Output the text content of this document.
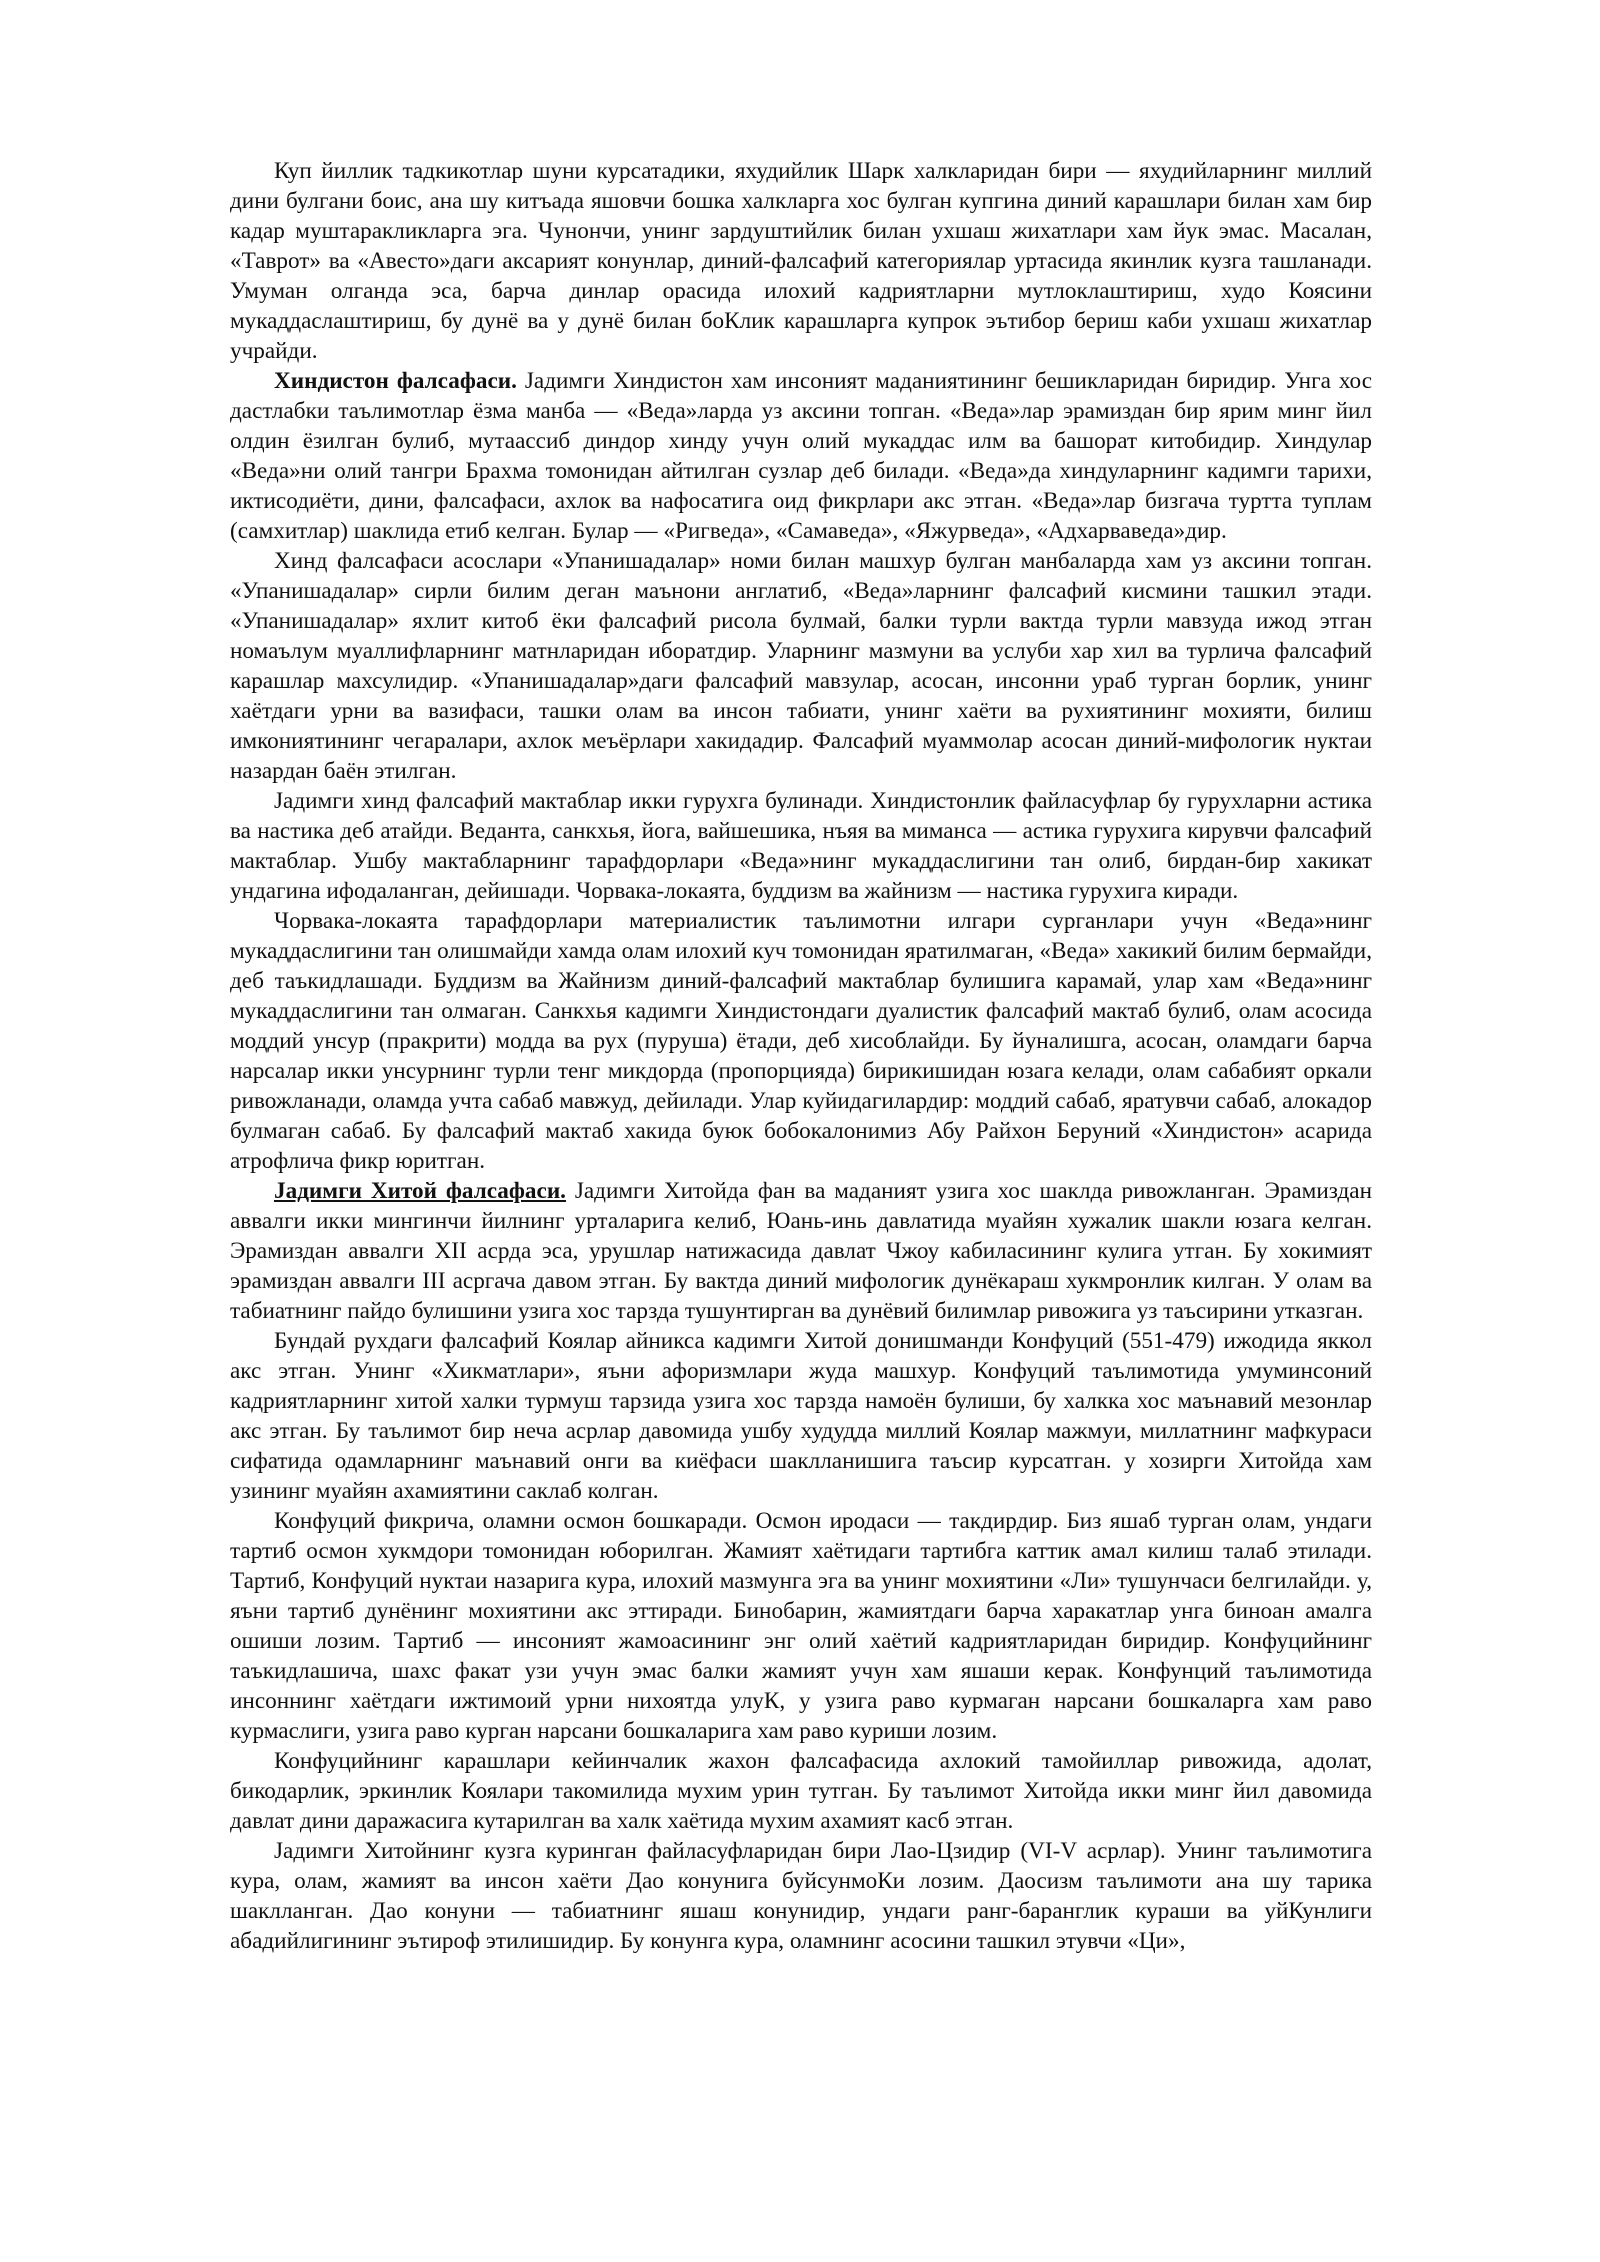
Куп йиллик тадкикотлар шуни курсатадики, яхудийлик Шарк халкларидан бири — яхудийларнинг миллий дини булгани боис, ана шу китъада яшовчи бошка халкларга хос булган купгина диний карашлари билан хам бир кадар муштаракликларга эга. Чунончи, унинг зардуштийлик билан ухшаш жихатлари хам йук эмас. Масалан, «Таврот» ва «Авесто»даги аксарият конунлар, диний-фалсафий категориялар уртасида якинлик кузга ташланади. Умуман олганда эса, барча динлар орасида илохий кадриятларни мутлоклаштириш, худо Коясини мукаддаслаштириш, бу дунё ва у дунё билан боКлик карашларга купрок эътибор бериш каби ухшаш жихатлар учрайди.

Хиндистон фалсафаси. Јадимги Хиндистон хам инсоният маданиятининг бешикларидан биридир. Унга хос дастлабки таълимотлар ёзма манба — «Веда»ларда уз аксини топган. «Веда»лар эрамиздан бир ярим минг йил олдин ёзилган булиб, мутаассиб диндор хинду учун олий мукаддас илм ва башорат китобидир. Хиндулар «Веда»ни олий тангри Брахма томонидан айтилган сузлар деб билади. «Веда»да хиндуларнинг кадимги тарихи, иктисодиёти, дини, фалсафаси, ахлок ва нафосатига оид фикрлари акс этган. «Веда»лар бизгача туртта туплам (самхитлар) шаклида етиб келган. Булар — «Ригведа», «Самаведа», «Яжурведа», «Адхарваведа»дир.

Хинд фалсафаси асослари «Упанишадалар» номи билан машхур булган манбаларда хам уз аксини топган. «Упанишадалар» сирли билим деган маънони англатиб, «Веда»ларнинг фалсафий кисмини ташкил этади. «Упанишадалар» яхлит китоб ёки фалсафий рисола булмай, балки турли вактда турли мавзуда ижод этган номаълум муаллифларнинг матнларидан иборатдир. Уларнинг мазмуни ва услуби хар хил ва турлича фалсафий карашлар махсулидир. «Упанишадалар»даги фалсафий мавзулар, асосан, инсонни ураб турган борлик, унинг хаётдаги урни ва вазифаси, ташки олам ва инсон табиати, унинг хаёти ва рухиятининг мохияти, билиш имкониятининг чегаралари, ахлок меъёрлари хакидадир. Фалсафий муаммолар асосан диний-мифологик нуктаи назардан баён этилган.

Јадимги хинд фалсафий мактаблар икки гурухга булинади. Хиндистонлик файласуфлар бу гурухларни астика ва настика деб атайди. Веданта, санкхья, йога, вайшешика, нъяя ва миманса — астика гурухига кирувчи фалсафий мактаблар. Ушбу мактабларнинг тарафдорлари «Веда»нинг мукаддаслигини тан олиб, бирдан-бир хакикат ундагина ифодаланган, дейишади. Чорвака-локаята, буддизм ва жайнизм — настика гурухига киради.

Чорвака-локаята тарафдорлари материалистик таълимотни илгари сурганлари учун «Веда»нинг мукаддаслигини тан олишмайди хамда олам илохий куч томонидан яратилмаган, «Веда» хакикий билим бермайди, деб таъкидлашади. Буддизм ва Жайнизм диний-фалсафий мактаблар булишига карамай, улар хам «Веда»нинг мукаддаслигини тан олмаган. Санкхья кадимги Хиндистондаги дуалистик фалсафий мактаб булиб, олам асосида моддий унсур (пракрити) модда ва рух (пуруша) ётади, деб хисоблайди. Бу йуналишга, асосан, оламдаги барча нарсалар икки унсурнинг турли тенг микдорда (пропорцияда) бирикишидан юзага келади, олам сабабият оркали ривожланади, оламда учта сабаб мавжуд, дейилади. Улар куйидагилардир: моддий сабаб, яратувчи сабаб, алокадор булмаган сабаб. Бу фалсафий мактаб хакида буюк бобокалонимиз Абу Райхон Беруний «Хиндистон» асарида атрофлича фикр юритган.

Јадимги Хитой фалсафаси. Јадимги Хитойда фан ва маданият узига хос шаклда ривожланган. Эрамиздан аввалги икки мингинчи йилнинг урталарига келиб, Юань-инь давлатида муайян хужалик шакли юзага келган. Эрамиздан аввалги XII асрда эса, урушлар натижасида давлат Чжоу кабиласининг кулига утган. Бу хокимият эрамиздан аввалги III асргача давом этган. Бу вактда диний мифологик дунёкараш хукмронлик килган. У олам ва табиатнинг пайдо булишини узига хос тарзда тушунтирган ва дунёвий билимлар ривожига уз таъсирини утказган.

Бундай рухдаги фалсафий Коялар айникса кадимги Хитой донишманди Конфуций (551-479) ижодида яккол акс этган. Унинг «Хикматлари», яъни афоризмлари жуда машхур. Конфуций таълимотида умуминсоний кадриятларнинг хитой халки турмуш тарзида узига хос тарзда намоён булиши, бу халкка хос маънавий мезонлар акс этган. Бу таълимот бир неча асрлар давомида ушбу худудда миллий Коялар мажмуи, миллатнинг мафкураси сифатида одамларнинг маънавий онги ва киёфаси шаклланишига таъсир курсатган. у хозирги Хитойда хам узининг муайян ахамиятини саклаб колган.

Конфуций фикрича, оламни осмон бошкаради. Осмон иродаси — такдирдир. Биз яшаб турган олам, ундаги тартиб осмон хукмдори томонидан юборилган. Жамият хаётидаги тартибга каттик амал килиш талаб этилади. Тартиб, Конфуций нуктаи назарига кура, илохий мазмунга эга ва унинг мохиятини «Ли» тушунчаси белгилайди. у, яъни тартиб дунёнинг мохиятини акс эттиради. Бинобарин, жамиятдаги барча харакатлар унга биноан амалга ошиши лозим. Тартиб — инсоният жамоасининг энг олий хаётий кадриятларидан биридир. Конфуцийнинг таъкидлашича, шахс факат узи учун эмас балки жамият учун хам яшаши керак. Конфунций таълимотида инсоннинг хаётдаги ижтимоий урни нихоятда улуК, у узига раво курмаган нарсани бошкаларга хам раво курмаслиги, узига раво курган нарсани бошкаларига хам раво куриши лозим.

Конфуцийнинг карашлари кейинчалик жахон фалсафасида ахлокий тамойиллар ривожида, адолат, бикодарлик, эркинлик Коялари такомилида мухим урин тутган. Бу таълимот Хитойда икки минг йил давомида давлат дини даражасига кутарилган ва халк хаётида мухим ахамият касб этган.

Јадимги Хитойнинг кузга куринган файласуфларидан бири Лао-Цзидир (VI-V асрлар). Унинг таълимотига кура, олам, жамият ва инсон хаёти Дао конунига буйсунмоКи лозим. Даосизм таълимоти ана шу тарика шаклланган. Дао конуни — табиатнинг яшаш конунидир, ундаги ранг-баранглик кураши ва уйКунлиги абадийлигининг эътироф этилишидир. Бу конунга кура, оламнинг асосини ташкил этувчи «Ци»,
